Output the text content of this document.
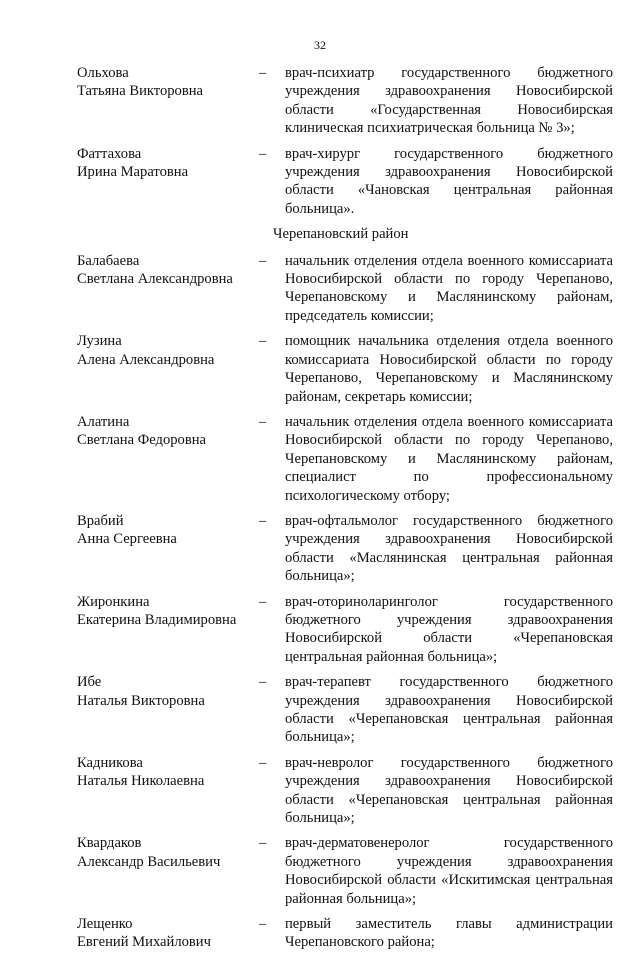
32
Ольхова
Татьяна Викторовна
–	врач-психиатр государственного бюджетного учреждения здравоохранения Новосибирской области «Государственная Новосибирская клиническая психиатрическая больница № 3»;
Фаттахова
Ирина Маратовна
–	врач-хирург государственного бюджетного учреждения здравоохранения Новосибирской области «Чановская центральная районная больница».
Черепановский район
Балабаева
Светлана Александровна
–	начальник отделения отдела военного комиссариата Новосибирской области по городу Черепаново, Черепановскому и Маслянинскому районам, председатель комиссии;
Лузина
Алена Александровна
–	помощник начальника отделения отдела военного комиссариата Новосибирской области по городу Черепаново, Черепановскому и Маслянинскому районам, секретарь комиссии;
Алатина
Светлана Федоровна
–	начальник отделения отдела военного комиссариата Новосибирской области по городу Черепаново, Черепановскому и Маслянинскому районам, специалист по профессиональному психологическому отбору;
Врабий
Анна Сергеевна
–	врач-офтальмолог государственного бюджетного учреждения здравоохранения Новосибирской области «Маслянинская центральная районная больница»;
Жиронкина
Екатерина Владимировна
–	врач-оториноларинголог государственного бюджетного учреждения здравоохранения Новосибирской области «Черепановская центральная районная больница»;
Ибе
Наталья Викторовна
–	врач-терапевт государственного бюджетного учреждения здравоохранения Новосибирской области «Черепановская центральная районная больница»;
Кадникова
Наталья Николаевна
–	врач-невролог государственного бюджетного учреждения здравоохранения Новосибирской области «Черепановская центральная районная больница»;
Квардаков
Александр Васильевич
–	врач-дерматовенеролог государственного бюджетного учреждения здравоохранения Новосибирской области «Искитимская центральная районная больница»;
Лещенко
Евгений Михайлович
–	первый заместитель главы администрации Черепановского района;
